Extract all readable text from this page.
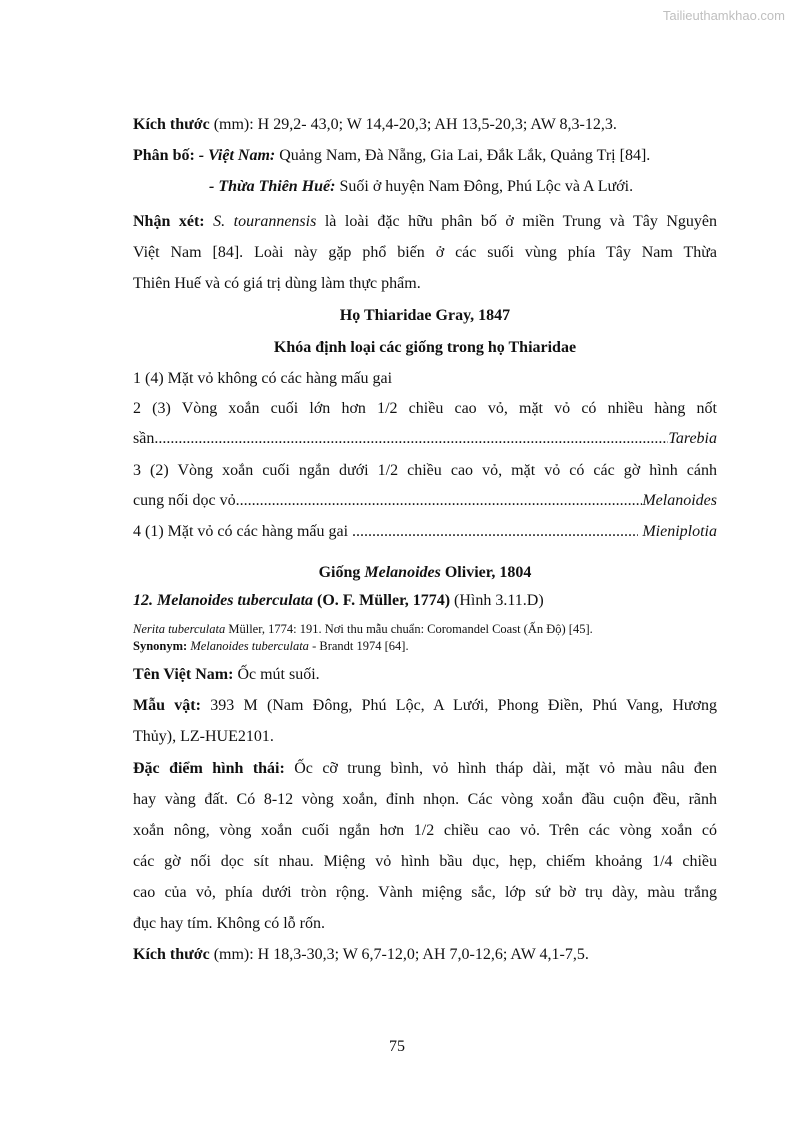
Tailieuthamkhao.com
Kích thước (mm): H 29,2- 43,0; W 14,4-20,3; AH 13,5-20,3; AW 8,3-12,3.
Phân bố: - Việt Nam: Quảng Nam, Đà Nẵng, Gia Lai, Đắk Lắk, Quảng Trị [84].
- Thừa Thiên Huế: Suối ở huyện Nam Đông, Phú Lộc và A Lưới.
Nhận xét: S. tourannensis là loài đặc hữu phân bố ở miền Trung và Tây Nguyên
Việt Nam [84]. Loài này gặp phổ biến ở các suối vùng phía Tây Nam Thừa
Thiên Huế và có giá trị dùng làm thực phẩm.
Họ Thiaridae Gray, 1847
Khóa định loại các giống trong họ Thiaridae
1 (4) Mặt vỏ không có các hàng mấu gai
2 (3) Vòng xoắn cuối lớn hơn 1/2 chiều cao vỏ, mặt vỏ có nhiều hàng nốt
sần .....	Tarebia
3 (2) Vòng xoắn cuối ngắn dưới 1/2 chiều cao vỏ, mặt vỏ có các gờ hình cánh
cung nối dọc vỏ .....	Melanoides
4 (1) Mặt vỏ có các hàng mấu gai .....
	Mieniplotia
Giống Melanoides Olivier, 1804
12. Melanoides tuberculata (O. F. Müller, 1774) (Hình 3.11.D)
Nerita tuberculata Müller, 1774: 191. Nơi thu mẫu chuẩn: Coromandel Coast (Ấn Độ) [45].
Synonym: Melanoides tuberculata - Brandt 1974 [64].
Tên Việt Nam: Ốc mút suối.
Mẫu vật: 393 M (Nam Đông, Phú Lộc, A Lưới, Phong Điền, Phú Vang, Hương
Thủy), LZ-HUE2101.
Đặc điểm hình thái: Ốc cỡ trung bình, vỏ hình tháp dài, mặt vỏ màu nâu đen
hay vàng đất. Có 8-12 vòng xoắn, đỉnh nhọn. Các vòng xoắn đầu cuộn đều, rãnh
xoắn nông, vòng xoắn cuối ngắn hơn 1/2 chiều cao vỏ. Trên các vòng xoắn có
các gờ nối dọc sít nhau. Miệng vỏ hình bầu dục, hẹp, chiếm khoảng 1/4 chiều
cao của vỏ, phía dưới tròn rộng. Vành miệng sắc, lớp sứ bờ trụ dày, màu trắng
đục hay tím. Không có lỗ rốn.
Kích thước (mm): H 18,3-30,3; W 6,7-12,0; AH 7,0-12,6; AW 4,1-7,5.
75
